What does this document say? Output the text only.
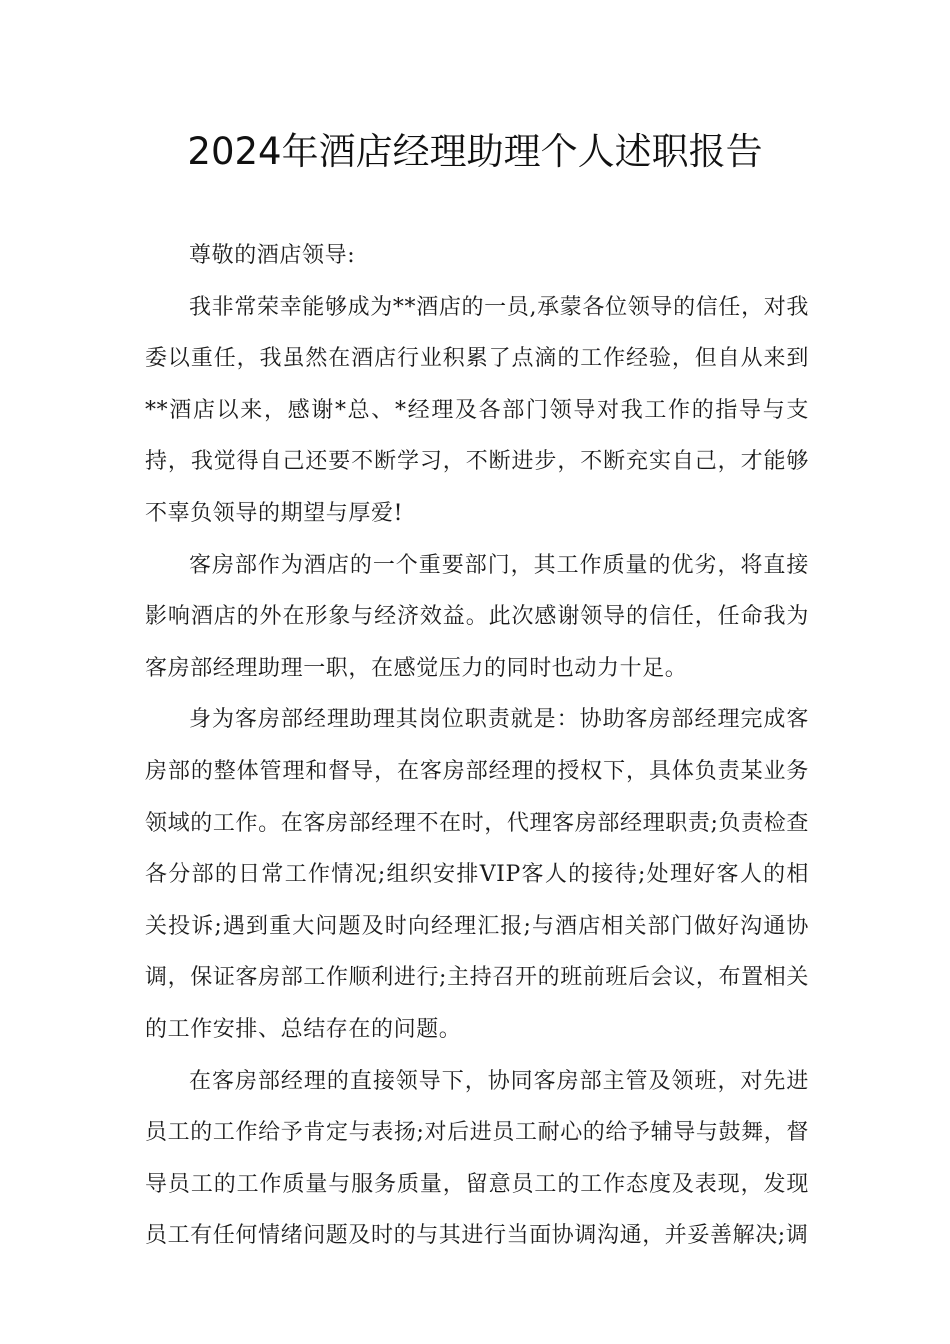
2024年酒店经理助理个人述职报告

尊敬的酒店领导:

我非常荣幸能够成为**酒店的一员,承蒙各位领导的信任，对我委以重任，我虽然在酒店行业积累了点滴的工作经验，但自从来到**酒店以来，感谢*总、*经理及各部门领导对我工作的指导与支持，我觉得自己还要不断学习，不断进步，不断充实自己，才能够不辜负领导的期望与厚爱!

客房部作为酒店的一个重要部门，其工作质量的优劣，将直接影响酒店的外在形象与经济效益。此次感谢领导的信任，任命我为客房部经理助理一职，在感觉压力的同时也动力十足。

身为客房部经理助理其岗位职责就是：协助客房部经理完成客房部的整体管理和督导，在客房部经理的授权下，具体负责某业务领域的工作。在客房部经理不在时，代理客房部经理职责;负责检查各分部的日常工作情况;组织安排VIP客人的接待;处理好客人的相关投诉;遇到重大问题及时向经理汇报;与酒店相关部门做好沟通协调，保证客房部工作顺利进行;主持召开的班前班后会议，布置相关的工作安排、总结存在的问题。

在客房部经理的直接领导下，协同客房部主管及领班，对先进员工的工作给予肯定与表扬;对后进员工耐心的给予辅导与鼓舞，督导员工的工作质量与服务质量，留意员工的工作态度及表现，发现员工有任何情绪问题及时的与其进行当面协调沟通，并妥善解决;调
